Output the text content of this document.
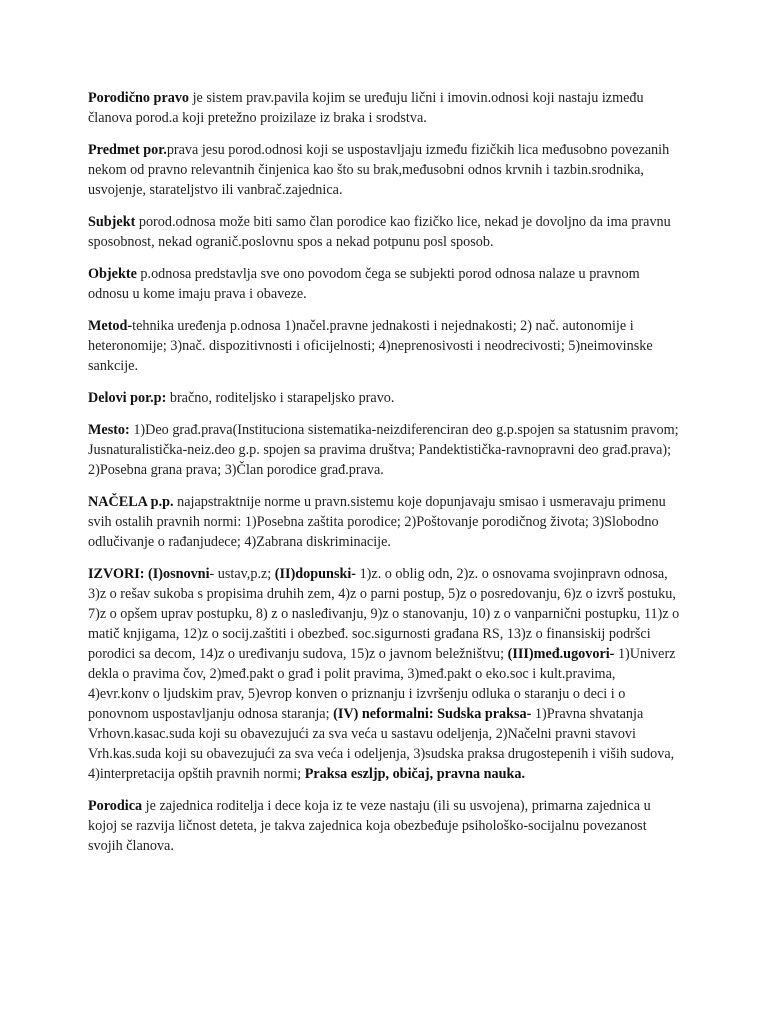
Porodično pravo je sistem prav.pavila kojim se uređuju lični i imovin.odnosi koji nastaju između članova porod.a koji pretežno proizilaze iz braka i srodstva.

Predmet por.prava jesu porod.odnosi koji se uspostavljaju između fizičkih lica međusobno povezanih nekom od pravno relevantnih činjenica kao što su brak,međusobni odnos krvnih i tazbin.srodnika, usvojenje, starateljstvo ili vanbrač.zajednica.

Subjekt porod.odnosa može biti samo član porodice kao fizičko lice, nekad je dovoljno da ima pravnu sposobnost, nekad ogranič.poslovnu spos a nekad potpunu posl sposob.

Objekte p.odnosa predstavlja sve ono povodom čega se subjekti porod odnosa nalaze u pravnom odnosu u kome imaju prava i obaveze.

Metod-tehnika uređenja p.odnosa 1)načel.pravne jednakosti i nejednakosti; 2) nač. autonomije i heteronomije; 3)nač. dispozitivnosti i oficijelnosti; 4)neprenosivosti i neodrecivosti; 5)neimovinske sankcije.

Delovi por.p: bračno, roditeljsko i starapeljsko pravo.

Mesto: 1)Deo građ.prava(Instituciona sistematika-neizdiferenciran deo g.p.spojen sa statusnim pravom; Jusnaturalistička-neiz.deo g.p. spojen sa pravima društva; Pandektistička-ravnopravni deo građ.prava); 2)Posebna grana prava; 3)Član porodice građ.prava.

NAČELA p.p. najapstraktnije norme u pravn.sistemu koje dopunjavaju smisao i usmeravaju primenu svih ostalih pravnih normi: 1)Posebna zaštita porodice; 2)Poštovanje porodičnog života; 3)Slobodno odlučivanje o rađanjudece; 4)Zabrana diskriminacije.

IZVORI: (I)osnovni- ustav,p.z; (II)dopunski- 1)z. o oblig odn, 2)z. o osnovama svojinpravn odnosa, 3)z o rešav sukoba s propisima druhih zem, 4)z o parni postup, 5)z o posredovanju, 6)z o izvrš postuku, 7)z o opšem uprav postupku, 8) z o nasleđivanju, 9)z o stanovanju, 10) z o vanparnični postupku, 11)z o matič knjigama, 12)z o socij.zaštiti i obezbeđ. soc.sigurnosti građana RS, 13)z o finansiskij podršci porodici sa decom, 14)z o uređivanju sudova, 15)z o javnom beležništvu; (III)međ.ugovori- 1)Univerz dekla o pravima čov, 2)međ.pakt o građ i polit pravima, 3)međ.pakt o eko.soc i kult.pravima, 4)evr.konv o ljudskim prav, 5)evrop konven o priznanju i izvršenju odluka o staranju o deci i o ponovnom uspostavljanju odnosa staranja; (IV) neformalni: Sudska praksa- 1)Pravna shvatanja Vrhovn.kasac.suda koji su obavezujući za sva veća u sastavu odeljenja, 2)Načelni pravni stavovi Vrh.kas.suda koji su obavezujući za sva veća i odeljenja, 3)sudska praksa drugostepenih i viših sudova, 4)interpretacija opštih pravnih normi; Praksa eszljp, običaj, pravna nauka.

Porodica je zajednica roditelja i dece koja iz te veze nastaju (ili su usvojena), primarna zajednica u kojoj se razvija ličnost deteta, je takva zajednica koja obezbeđuje psihološko-socijalnu povezanost svojih članova.
